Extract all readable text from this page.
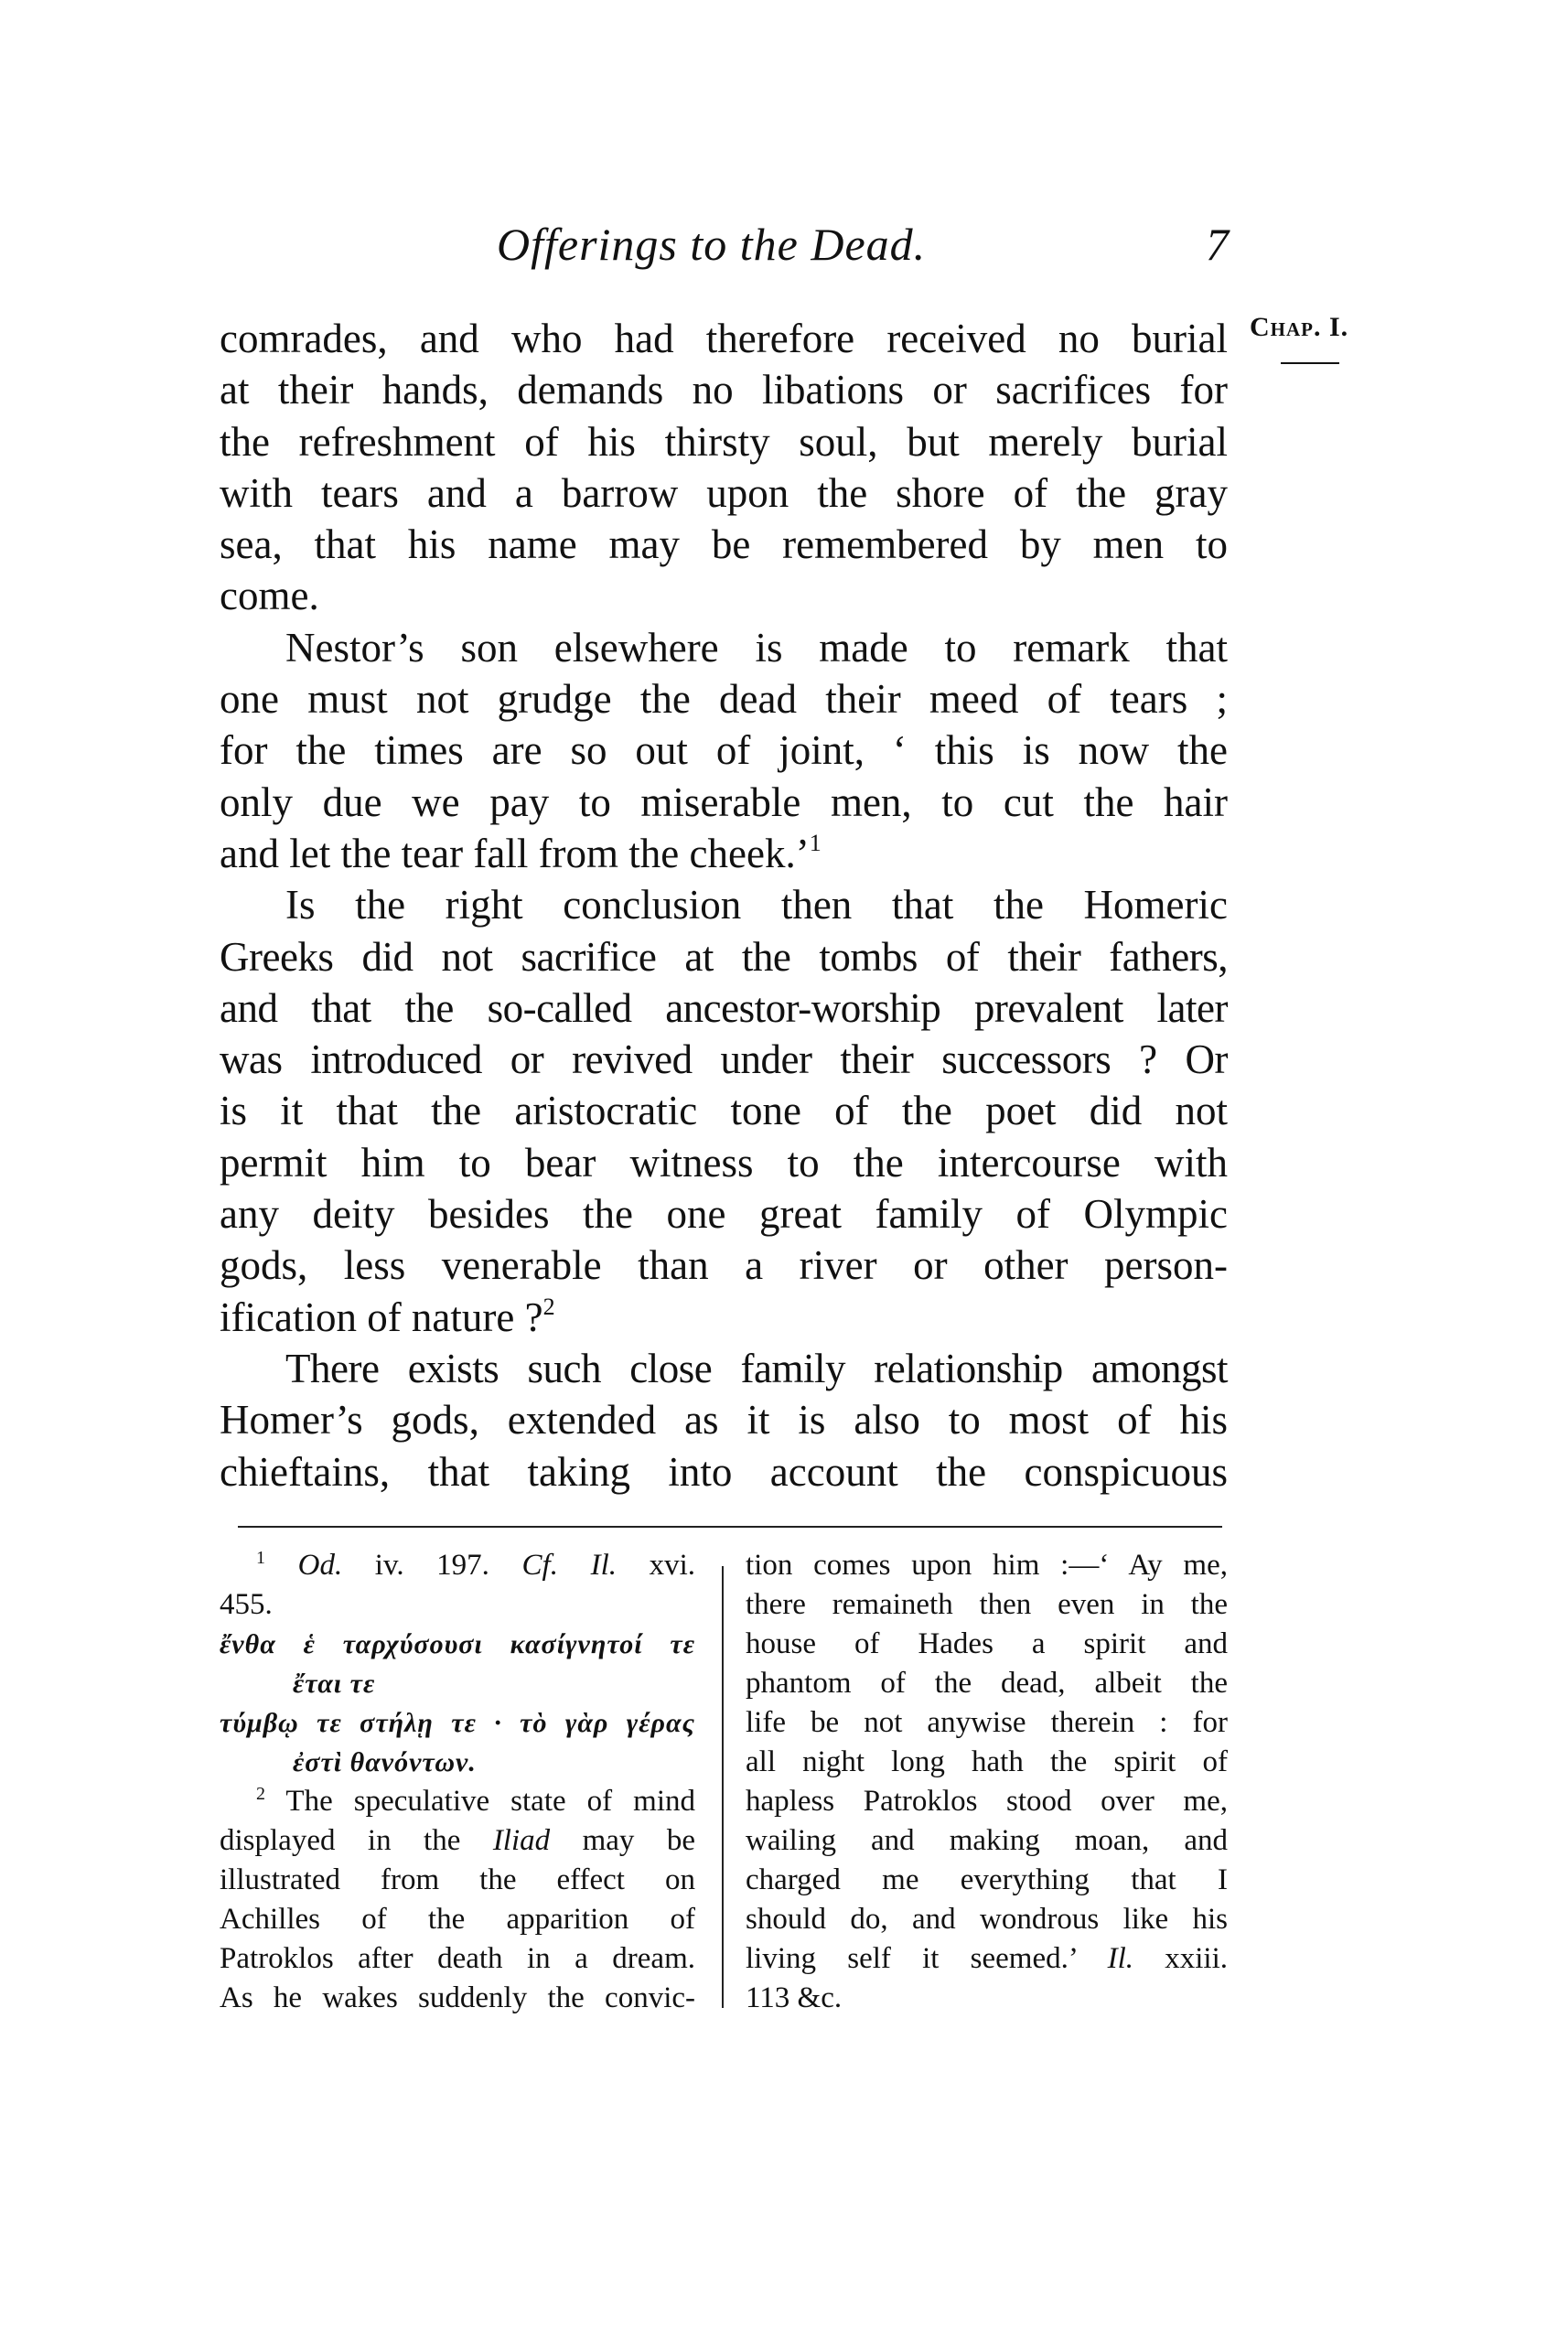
Offerings to the Dead.	7
Chap. I.
comrades, and who had therefore received no burial
at their hands, demands no libations or sacrifices for
the refreshment of his thirsty soul, but merely burial
with tears and a barrow upon the shore of the gray
sea, that his name may be remembered by men to
come.
Nestor’s son elsewhere is made to remark that
one must not grudge the dead their meed of tears ;
for the times are so out of joint, ‘ this is now the
only due we pay to miserable men, to cut the hair
and let the tear fall from the cheek.’$^1$
Is the right conclusion then that the Homeric
Greeks did not sacrifice at the tombs of their fathers,
and that the so-called ancestor-worship prevalent later
was introduced or revived under their successors ? Or
is it that the aristocratic tone of the poet did not
permit him to bear witness to the intercourse with
any deity besides the one great family of Olympic
gods, less venerable than a river or other person-
ification of nature ?$^2$
There exists such close family relationship amongst
Homer’s gods, extended as it is also to most of his
chieftains, that taking into account the conspicuous
$^1$ Od. iv. 197. Cf. Il. xvi.
455.
ἔνθα ἑ ταρχύσουσι κασίγνητοί τε
ἔται τε
τύμβῳ τε στήλῃ τε · τὸ γὰρ γέρας
ἐστὶ θανόντων.
$^2$ The speculative state of mind
displayed in the Iliad may be
illustrated from the effect on
Achilles of the apparition of
Patroklos after death in a dream.
As he wakes suddenly the convic-
tion comes upon him :—‘ Ay me,
there remaineth then even in the
house of Hades a spirit and
phantom of the dead, albeit the
life be not anywise therein : for
all night long hath the spirit of
hapless Patroklos stood over me,
wailing and making moan, and
charged me everything that I
should do, and wondrous like his
living self it seemed.’ Il. xxiii.
113 &c.
